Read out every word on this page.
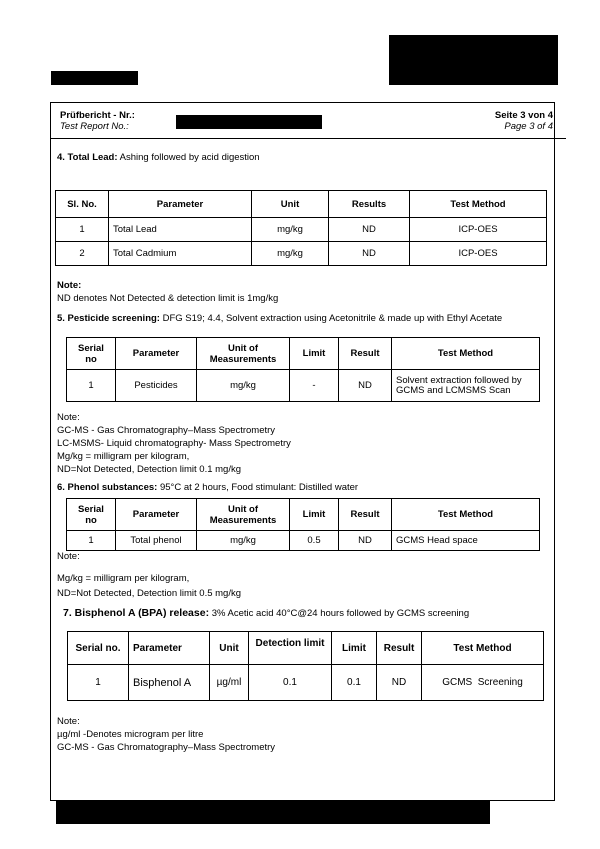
Prüfbericht - Nr.:
Test Report No.:
Seite 3 von 4
Page 3 of 4
4. Total Lead: Ashing followed by acid digestion
Sl. No.	Parameter	Unit	Results	Test Method
1	Total Lead	mg/kg	ND	ICP-OES
2	Total Cadmium	mg/kg	ND	ICP-OES
Note:
ND denotes Not Detected & detection limit is 1mg/kg
5. Pesticide screening: DFG S19; 4.4, Solvent extraction using Acetonitrile & made up with Ethyl Acetate
Serial no	Parameter	Unit of Measurements	Limit	Result	Test Method
1	Pesticides	mg/kg	-	ND	Solvent extraction followed by GCMS and LCMSMS Scan
Note:
GC-MS - Gas Chromatography–Mass Spectrometry
LC-MSMS- Liquid chromatography- Mass Spectrometry
Mg/kg = milligram per kilogram,
ND=Not Detected, Detection limit 0.1 mg/kg
6. Phenol substances: 95°C at 2 hours, Food stimulant: Distilled water
Serial no	Parameter	Unit of Measurements	Limit	Result	Test Method
1	Total phenol	mg/kg	0.5	ND	GCMS Head space
Note:
Mg/kg = milligram per kilogram,
ND=Not Detected, Detection limit 0.5 mg/kg
7. Bisphenol A (BPA) release: 3% Acetic acid 40°C@24 hours followed by GCMS screening
Serial no.	Parameter	Unit	Detection limit	Limit	Result	Test Method
1	Bisphenol A	µg/ml	0.1	0.1	ND	GCMS  Screening
Note:
µg/ml -Denotes microgram per litre
GC-MS - Gas Chromatography–Mass Spectrometry
